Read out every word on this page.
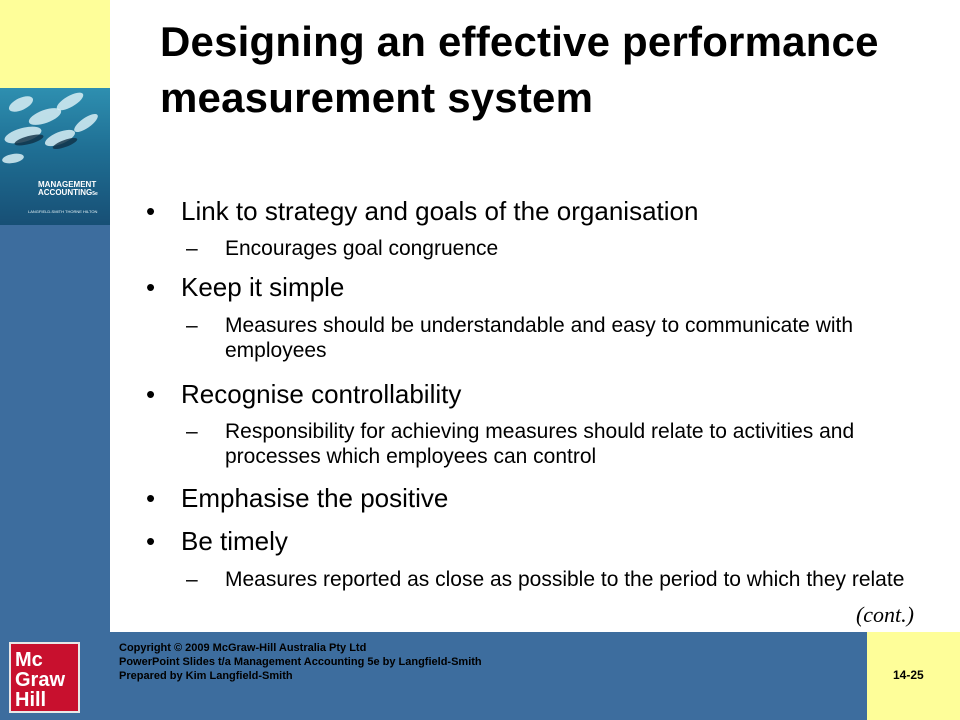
MANAGEMENT
ACCOUNTING5e
LANGFIELD-SMITH THORNE HILTON
Designing an effective performance measurement system
• Link to strategy and goals of the organisation
– Encourages goal congruence
• Keep it simple
– Measures should be understandable and easy to communicate with employees
• Recognise controllability
– Responsibility for achieving measures should relate to activities and processes which employees can control
• Emphasise the positive
• Be timely
– Measures reported as close as possible to the period to which they relate
(cont.)
Mc
Graw
Hill
Copyright © 2009 McGraw-Hill Australia Pty Ltd
PowerPoint Slides t/a Management Accounting 5e by Langfield-Smith
Prepared by Kim Langfield-Smith	14-25
